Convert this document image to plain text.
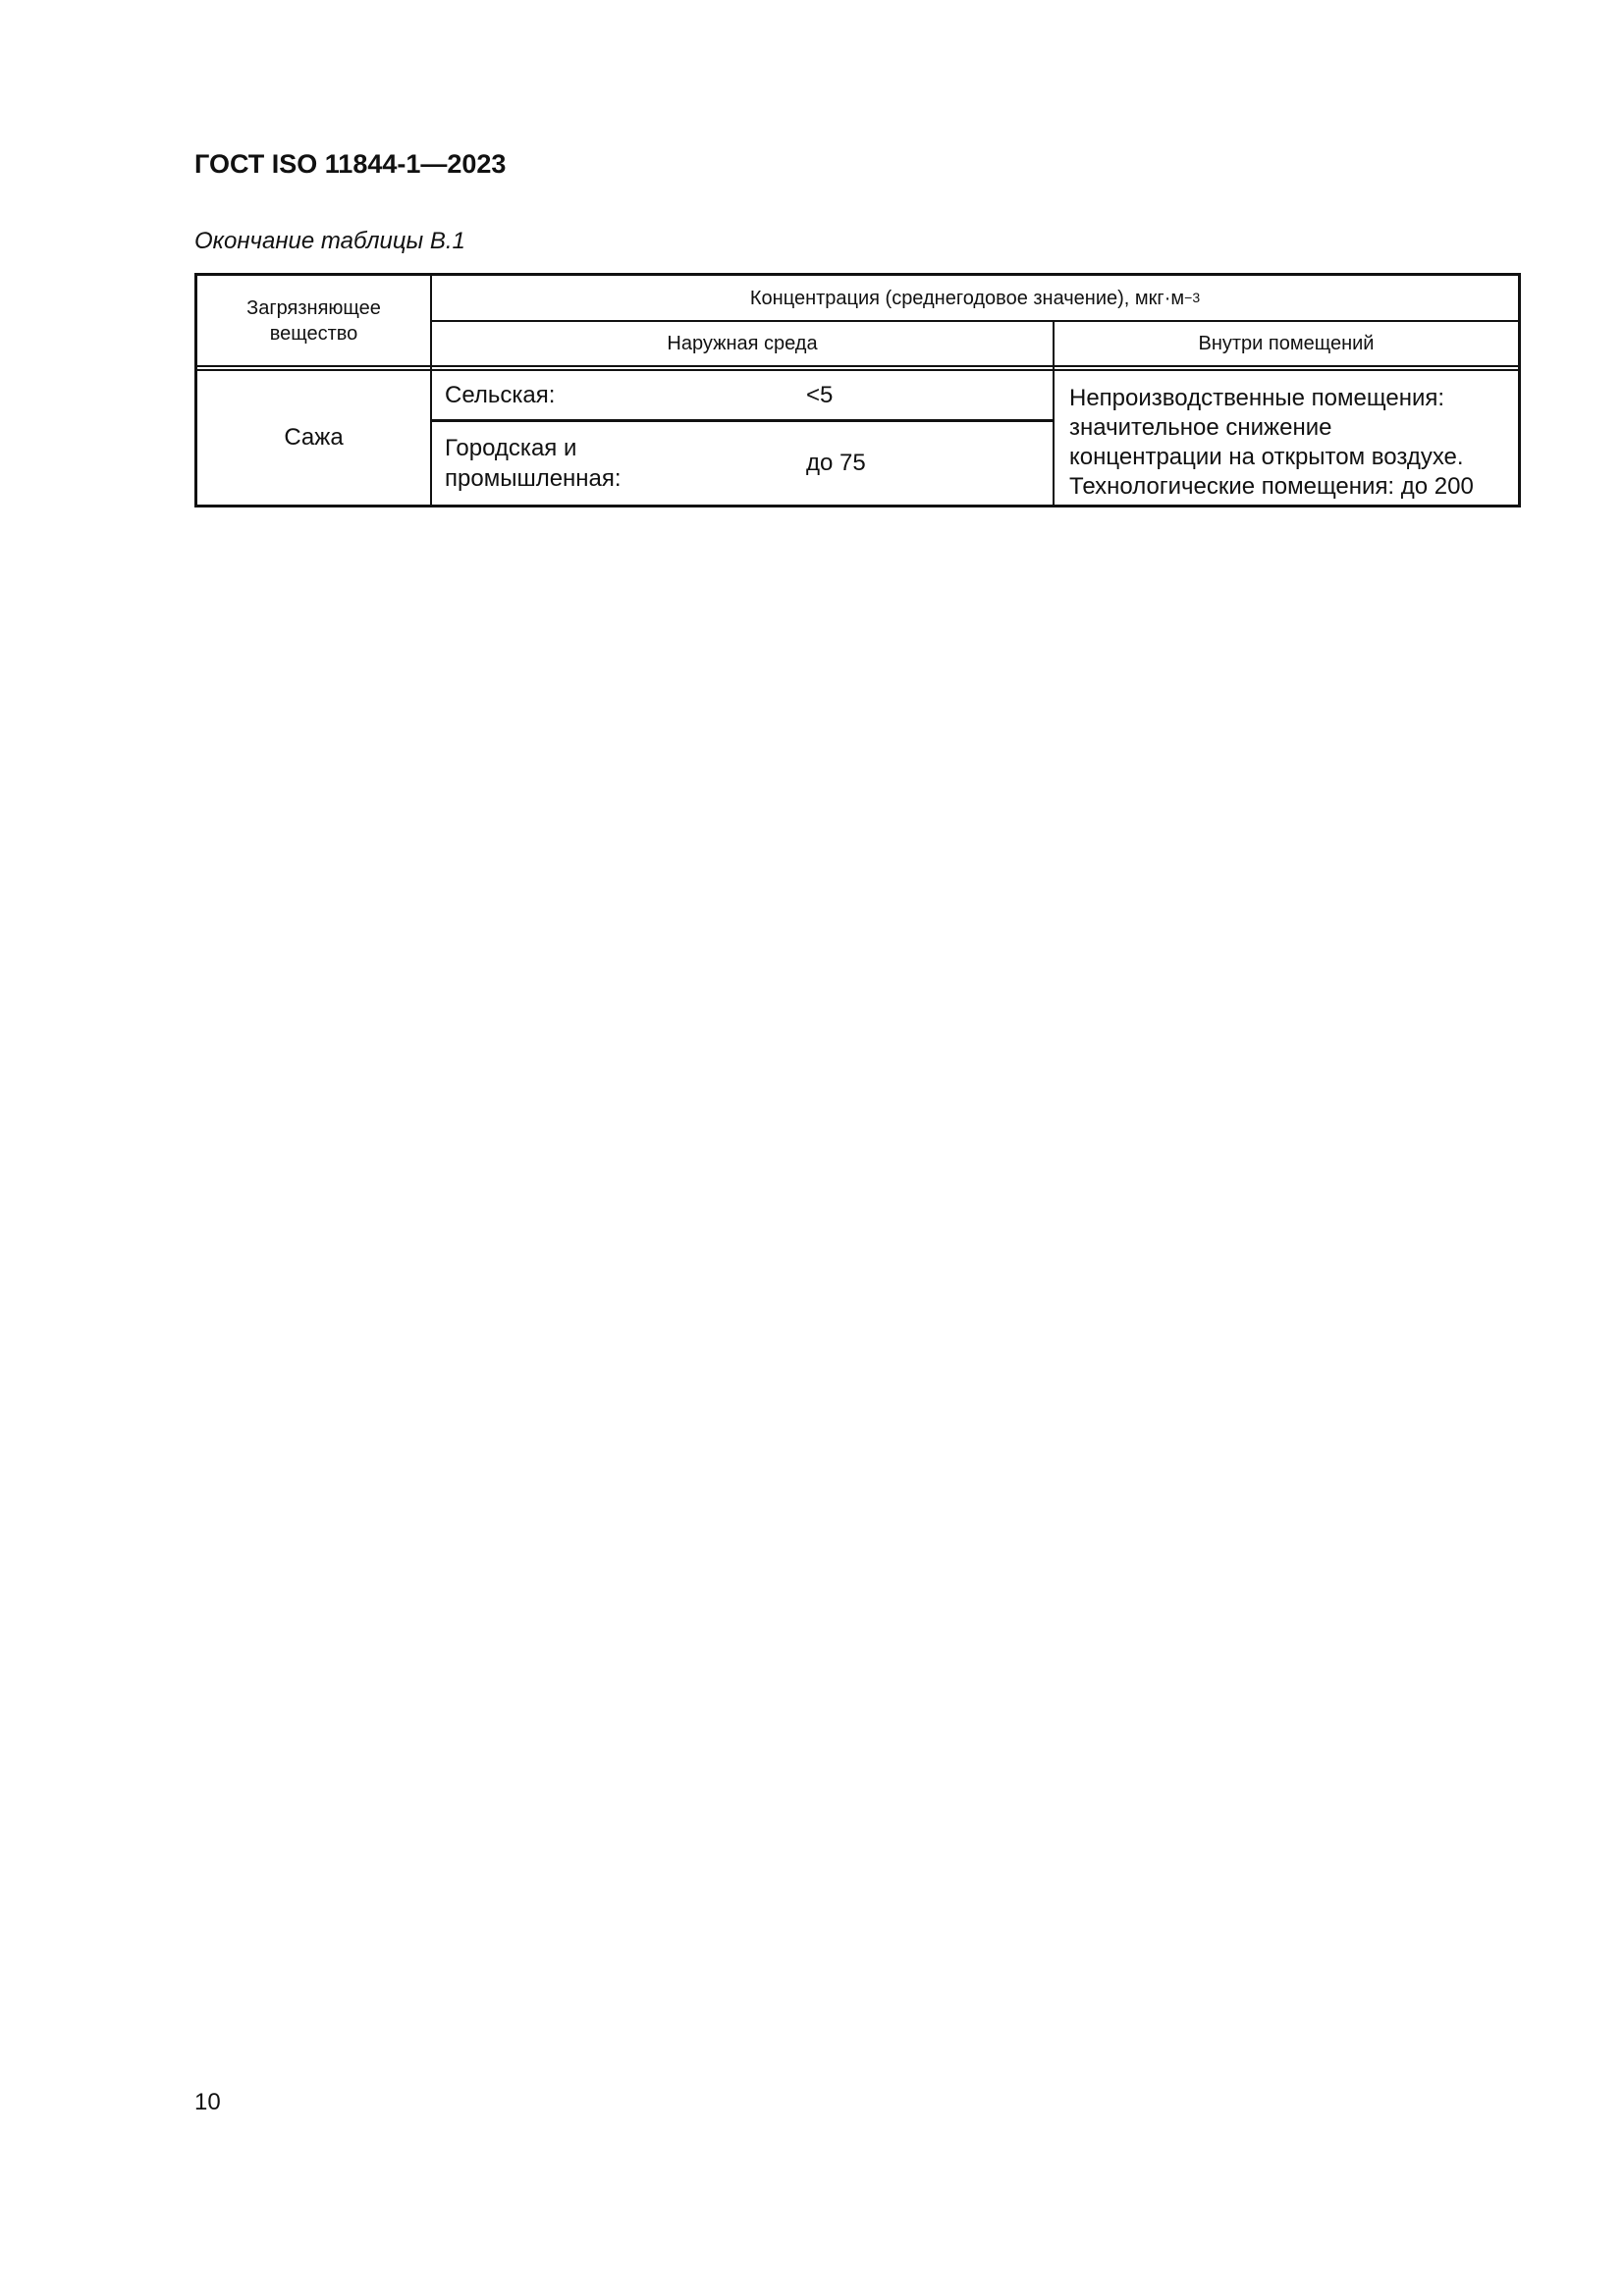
ГОСТ ISO 11844-1—2023
Окончание таблицы В.1
Загрязняющее вещество
Концентрация (среднегодовое значение), мкг·м −3
Наружная среда	Внутри помещений
Сажа
Сельская:	<5
Городская и промышленная:
до 75
Непроизводственные помещения:
значительное снижение
концентрации на открытом воздухе.
Технологические помещения: до 200
10
